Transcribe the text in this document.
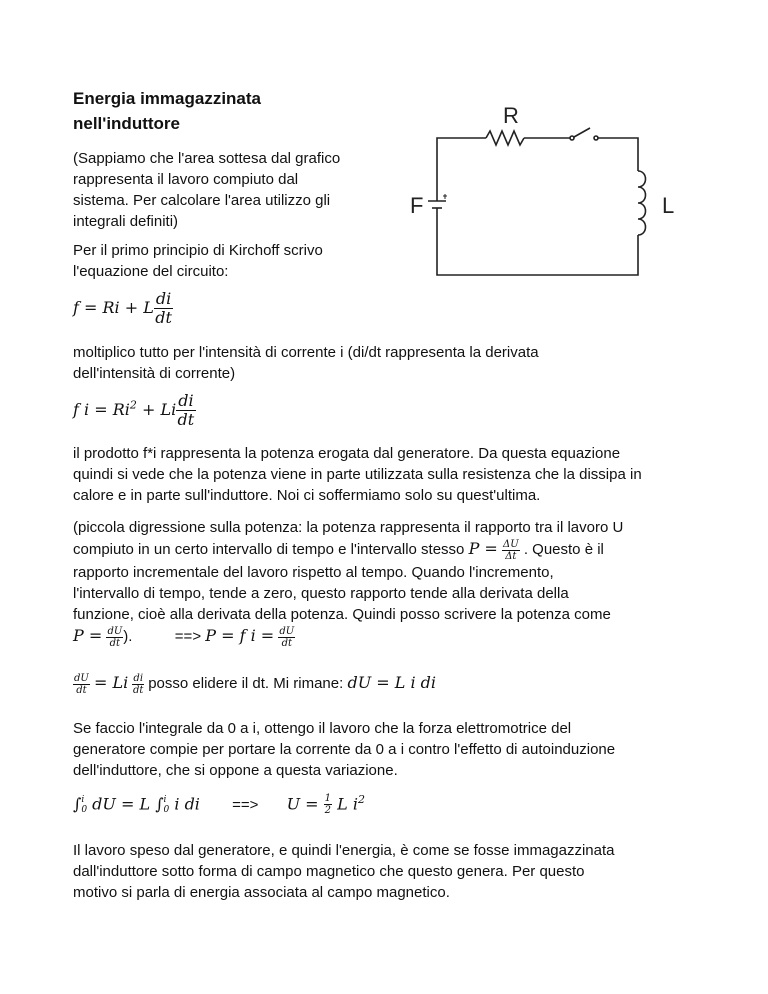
Energia immagazzinata
nell'induttore
(Sappiamo che l'area sottesa dal grafico
rappresenta il lavoro compiuto dal
sistema. Per calcolare l'area utilizzo gli
integrali definiti)
Per il primo principio di Kirchoff scrivo
l'equazione del circuito:
R
F	L
f = Ri + L $\frac{di}{dt}$
moltiplico tutto per l'intensità di corrente i (di/dt rappresenta la derivata
dell'intensità di corrente)
f $i = Ri^2 + Li \frac{di}{dt}$
il prodotto f*i rappresenta la potenza erogata dal generatore. Da questa equazione
quindi si vede che la potenza viene in parte utilizzata sulla resistenza che la dissipa in
calore e in parte sull'induttore. Noi ci soffermiamo solo su quest'ultima.
(piccola digressione sulla potenza: la potenza rappresenta il rapporto tra il lavoro U
compiuto in un certo intervallo di tempo e l'intervallo stesso $P = \frac{\Delta U}{\Delta t}$ . Questo è il
rapporto incrementale del lavoro rispetto al tempo. Quando l'incremento,
l'intervallo di tempo, tende a zero, questo rapporto tende alla derivata della
funzione, cioè alla derivata della potenza. Quindi posso scrivere la potenza come
$P = \frac{dU}{dt}$ ).	==> P = f $i = \frac{dU}{dt}$
$\frac{dU}{dt} = Li \frac{di}{dt}$ posso elidere il dt. Mi rimane: dU = L i di
Se faccio l'integrale da 0 a i, ottengo il lavoro che la forza elettromotrice del
generatore compie per portare la corrente da 0 a i contro l'effetto di autoinduzione
dell'induttore, che si oppone a questa variazione.
∫ i
0 dU = L ∫ i
0 i di ==> $U = \frac{1}{2}$ L $i^2$
Il lavoro speso dal generatore, e quindi l'energia, è come se fosse immagazzinata
dall'induttore sotto forma di campo magnetico che questo genera. Per questo
motivo si parla di energia associata al campo magnetico.
